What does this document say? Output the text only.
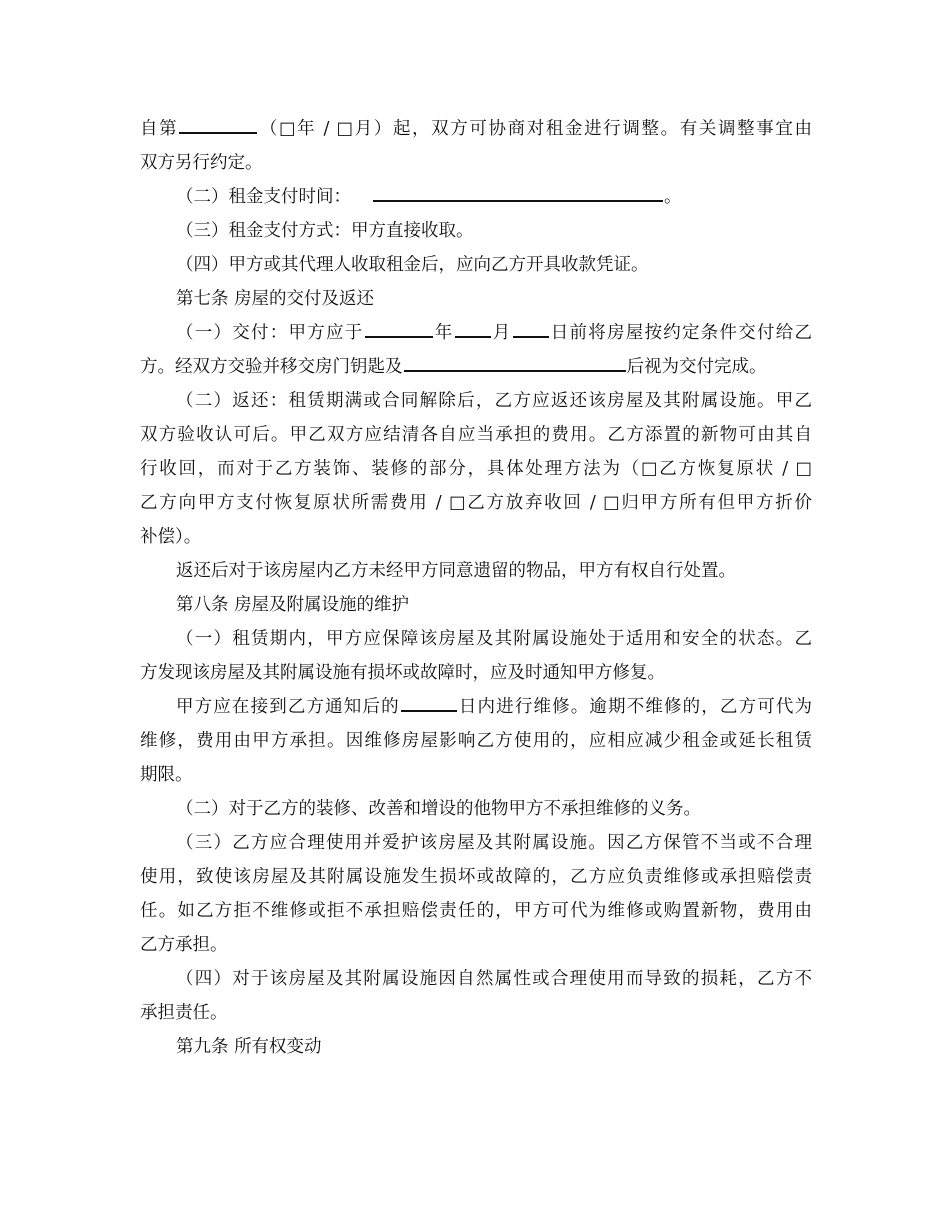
自第	（□年 / □月）起，双方可协商对租金进行调整。有关调整事宜由
双方另行约定。
（二）租金支付时间：	。
（三）租金支付方式：甲方直接收取。
（四）甲方或其代理人收取租金后，应向乙方开具收款凭证。
第七条 房屋的交付及返还
（一）交付：甲方应于	年 月 日前将房屋按约定条件交付给乙
方。经双方交验并移交房门钥匙及	后视为交付完成。
（二）返还：租赁期满或合同解除后，乙方应返还该房屋及其附属设施。甲乙
双方验收认可后。甲乙双方应结清各自应当承担的费用。乙方添置的新物可由其自
行收回，而对于乙方装饰、装修的部分，具体处理方法为（□乙方恢复原状 / □
乙方向甲方支付恢复原状所需费用 / □乙方放弃收回 / □归甲方所有但甲方折价
补偿）。
返还后对于该房屋内乙方未经甲方同意遗留的物品，甲方有权自行处置。
第八条 房屋及附属设施的维护
（一）租赁期内，甲方应保障该房屋及其附属设施处于适用和安全的状态。乙
方发现该房屋及其附属设施有损坏或故障时，应及时通知甲方修复。
甲方应在接到乙方通知后的	日内进行维修。逾期不维修的，乙方可代为
维修，费用由甲方承担。因维修房屋影响乙方使用的，应相应减少租金或延长租赁
期限。
（二）对于乙方的装修、改善和增设的他物甲方不承担维修的义务。
（三）乙方应合理使用并爱护该房屋及其附属设施。因乙方保管不当或不合理
使用，致使该房屋及其附属设施发生损坏或故障的，乙方应负责维修或承担赔偿责
任。如乙方拒不维修或拒不承担赔偿责任的，甲方可代为维修或购置新物，费用由
乙方承担。
（四）对于该房屋及其附属设施因自然属性或合理使用而导致的损耗，乙方不
承担责任。
第九条 所有权变动
